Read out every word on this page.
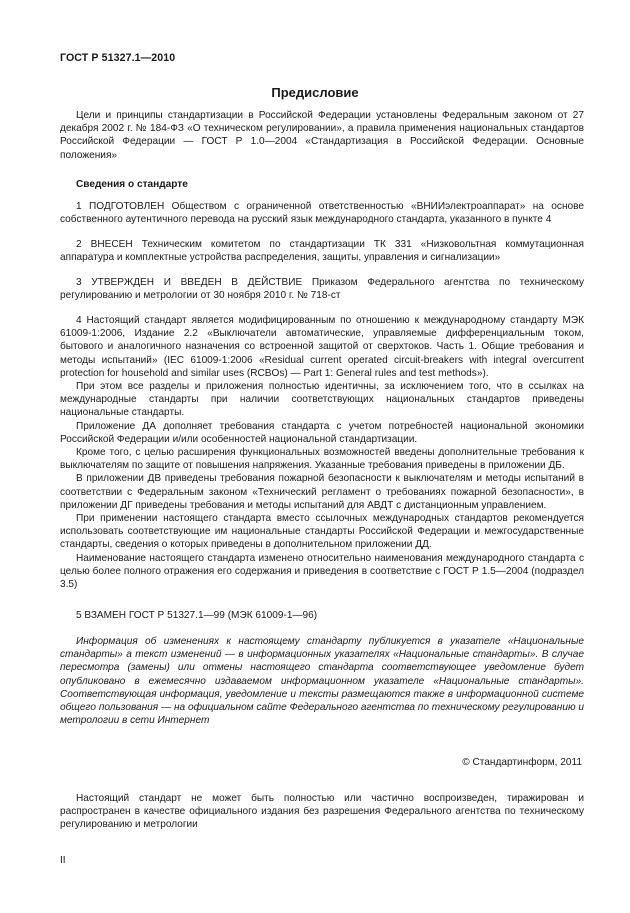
ГОСТ Р 51327.1—2010
Предисловие

Цели и принципы стандартизации в Российской Федерации установлены Федеральным законом от 27 декабря 2002 г. № 184-ФЗ «О техническом регулировании», а правила применения национальных стандартов Российской Федерации — ГОСТ Р 1.0—2004 «Стандартизация в Российской Федерации. Основные положения»

Сведения о стандарте

1 ПОДГОТОВЛЕН Обществом с ограниченной ответственностью «ВНИИэлектроаппарат» на основе собственного аутентичного перевода на русский язык международного стандарта, указанного в пункте 4

2 ВНЕСЕН Техническим комитетом по стандартизации ТК 331 «Низковольтная коммутационная аппаратура и комплектные устройства распределения, защиты, управления и сигнализации»

3 УТВЕРЖДЕН И ВВЕДЕН В ДЕЙСТВИЕ Приказом Федерального агентства по техническому регулированию и метрологии от 30 ноября 2010 г. № 718-ст

4 Настоящий стандарт является модифицированным по отношению к международному стандарту МЭК 61009-1:2006, Издание 2.2 «Выключатели автоматические, управляемые дифференциальным током, бытового и аналогичного назначения со встроенной защитой от сверхтоков. Часть 1. Общие требования и методы испытаний» (IEC 61009-1:2006 «Residual current operated circuit-breakers with integral overcurrent protection for household and similar uses (RCBOs) — Part 1: General rules and test methods»).

При этом все разделы и приложения полностью идентичны, за исключением того, что в ссылках на международные стандарты при наличии соответствующих национальных стандартов приведены национальные стандарты.

Приложение ДА дополняет требования стандарта с учетом потребностей национальной экономики Российской Федерации и/или особенностей национальной стандартизации.

Кроме того, с целью расширения функциональных возможностей введены дополнительные требования к выключателям по защите от повышения напряжения. Указанные требования приведены в приложении ДБ.

В приложении ДВ приведены требования пожарной безопасности к выключателям и методы испытаний в соответствии с Федеральным законом «Технический регламент о требованиях пожарной безопасности», в приложении ДГ приведены требования и методы испытаний для АВДТ с дистанционным управлением.

При применении настоящего стандарта вместо ссылочных международных стандартов рекомендуется использовать соответствующие им национальные стандарты Российской Федерации и межгосударственные стандарты, сведения о которых приведены в дополнительном приложении ДД.

Наименование настоящего стандарта изменено относительно наименования международного стандарта с целью более полного отражения его содержания и приведения в соответствие с ГОСТ Р 1.5—2004 (подраздел 3.5)

5 ВЗАМЕН ГОСТ Р 51327.1—99 (МЭК 61009-1—96)

Информация об изменениях к настоящему стандарту публикуется в указателе «Национальные стандарты» а текст изменений — в информационных указателях «Национальные стандарты». В случае пересмотра (замены) или отмены настоящего стандарта соответствующее уведомление будет опубликовано в ежемесячно издаваемом информационном указателе «Национальные стандарты». Соответствующая информация, уведомление и тексты размещаются также в информационной системе общего пользования — на официальном сайте Федерального агентства по техническому регулированию и метрологии в сети Интернет

© Стандартинформ, 2011

Настоящий стандарт не может быть полностью или частично воспроизведен, тиражирован и распространен в качестве официального издания без разрешения Федерального агентства по техническому регулированию и метрологии

II
